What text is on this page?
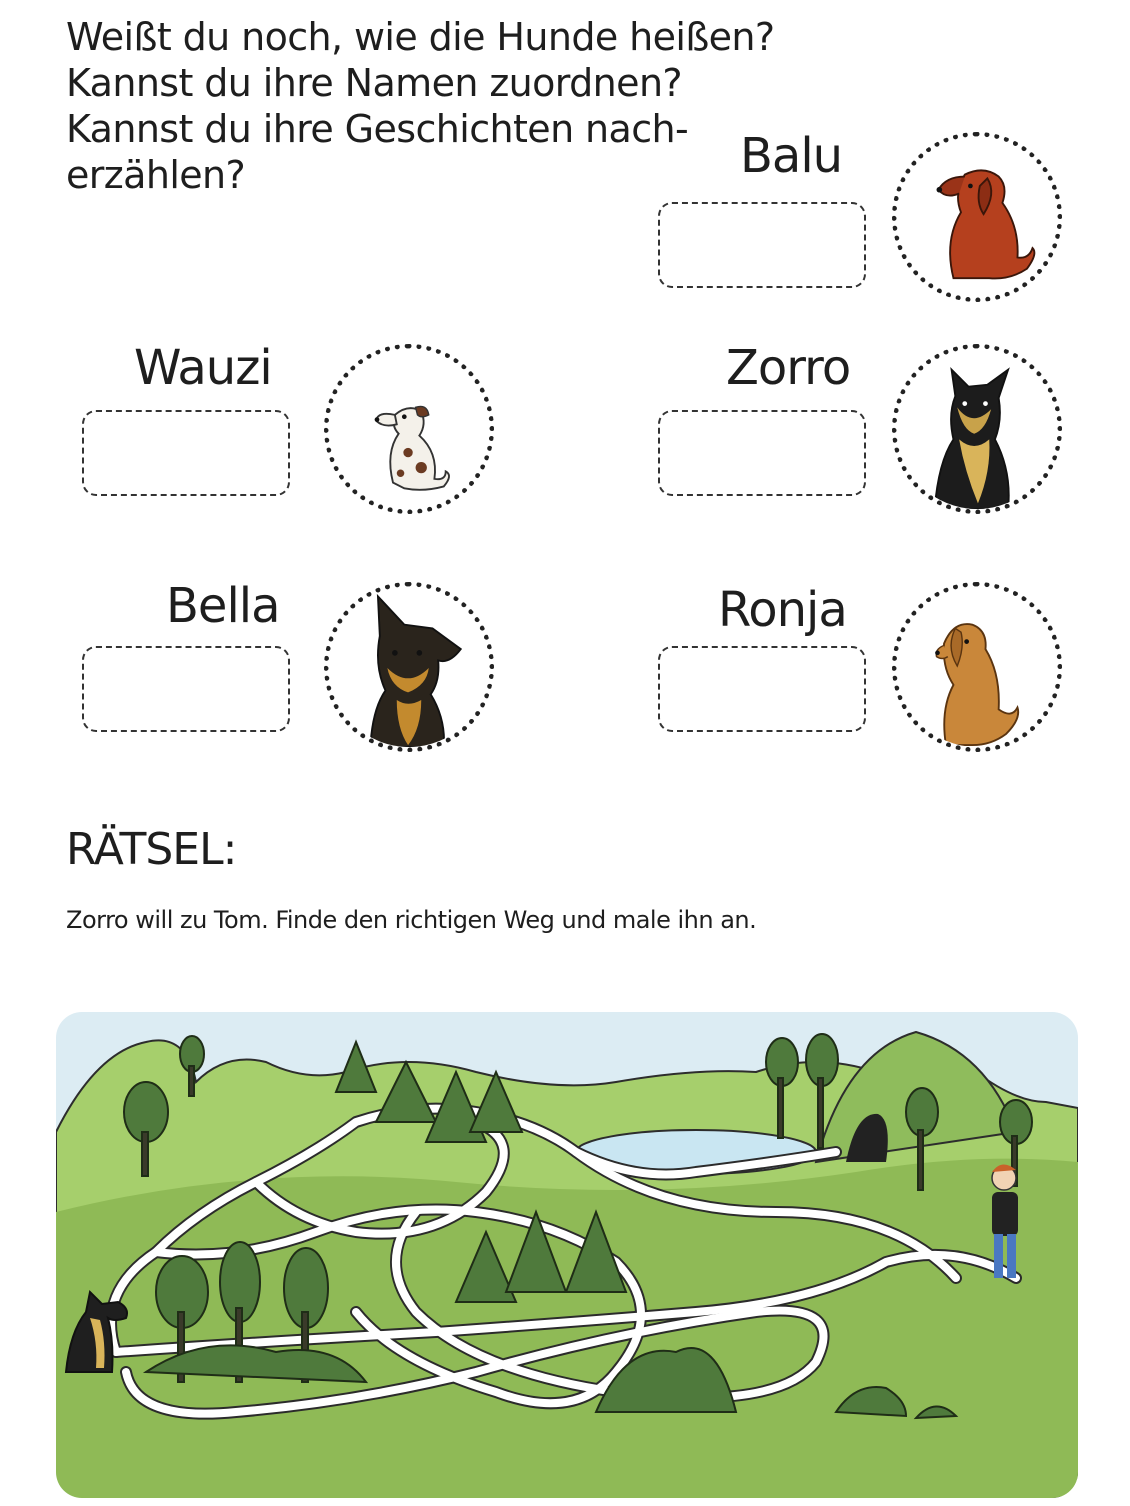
Weißt du noch, wie die Hunde heißen?
Kannst du ihre Namen zuordnen?
Kannst du ihre Geschichten nach-
erzählen?	Balu
Wauzi	Zorro
Bella	Ronja
RÄTSEL:

Zorro will zu Tom. Finde den richtigen Weg und male ihn an.
